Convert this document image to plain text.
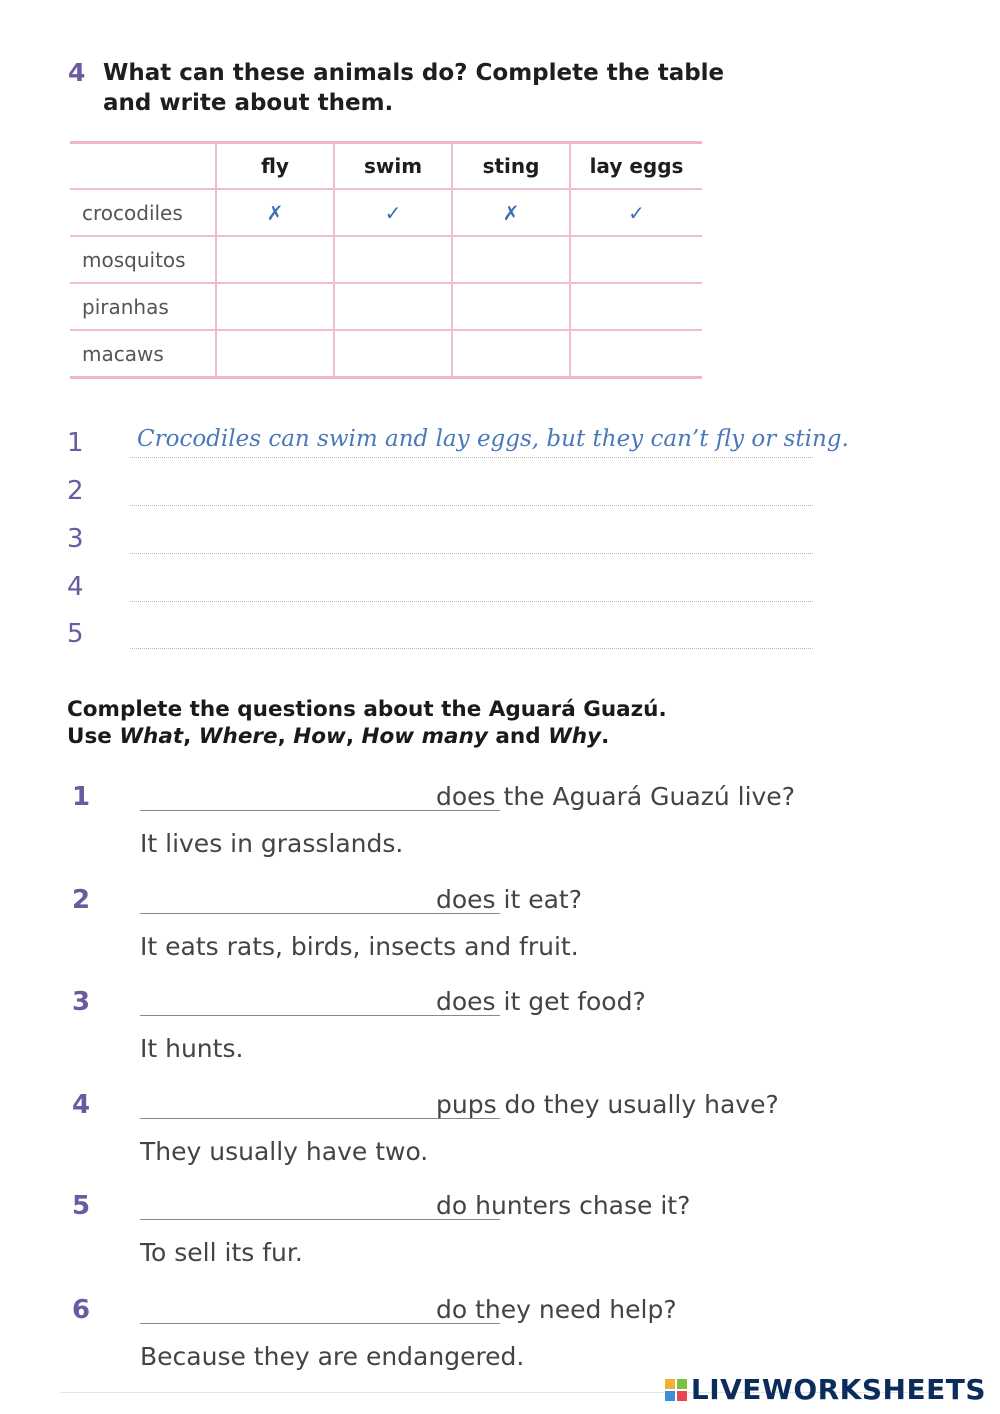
4 What can these animals do? Complete the table and write about them.
	fly	swim	sting	lay eggs
crocodiles	✗	✓	✗	✓
mosquitos				
piranhas				
macaws				
1 Crocodiles can swim and lay eggs, but they can’t fly or sting.
2
3
4
5
Complete the questions about the Aguará Guazú. Use What, Where, How, How many and Why.
1	does the Aguará Guazú live?
It lives in grasslands.
2	does it eat?
It eats rats, birds, insects and fruit.
3	does it get food?
It hunts.
4	pups do they usually have?
They usually have two.
5	do hunters chase it?
To sell its fur.
6	do they need help?
Because they are endangered.
LIVEWORKSHEETS
